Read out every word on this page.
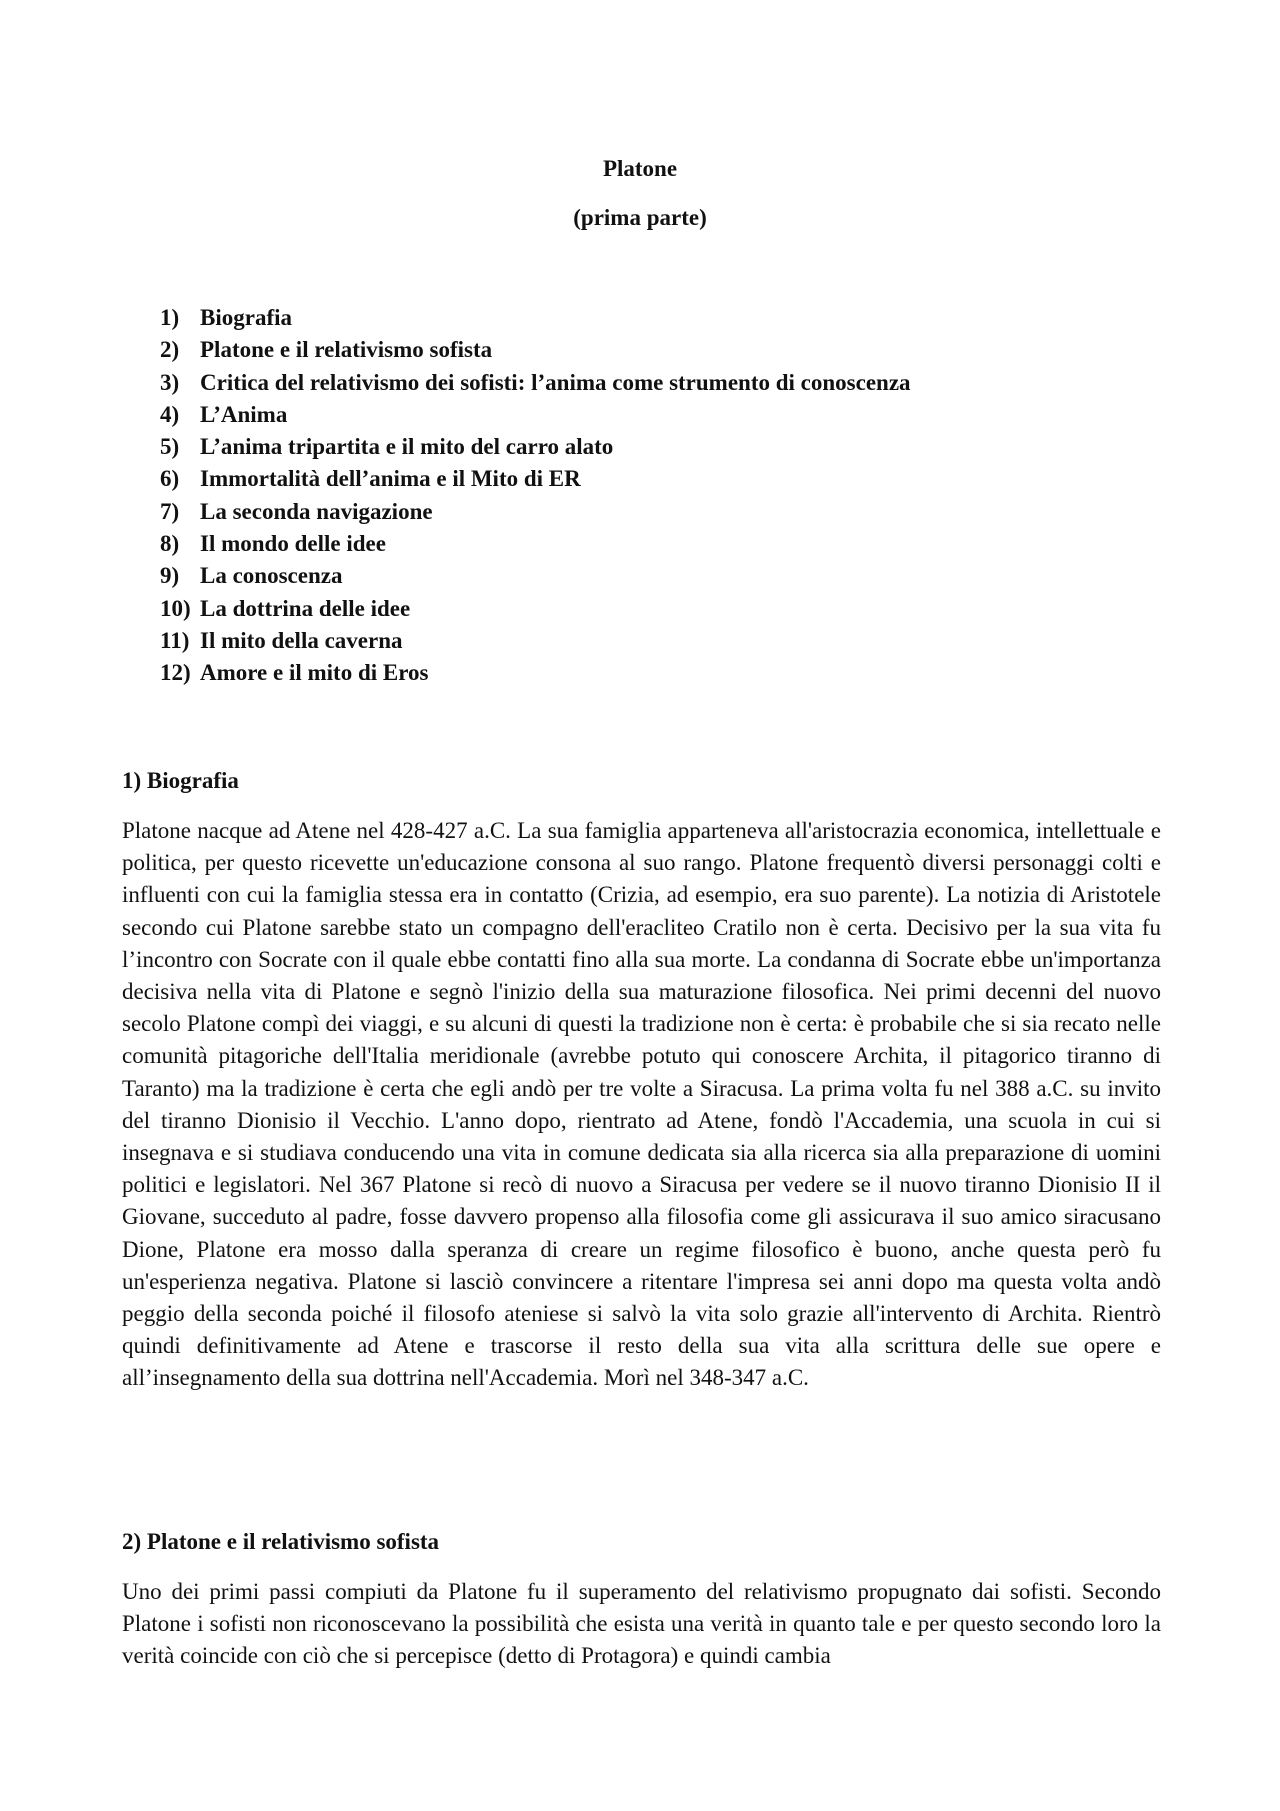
Platone
(prima parte)
1) Biografia
2) Platone e il relativismo sofista
3) Critica del relativismo dei sofisti: l’anima come strumento di conoscenza
4) L’Anima
5) L’anima tripartita e il mito del carro alato
6) Immortalità dell’anima e il Mito di ER
7) La seconda navigazione
8) Il mondo delle idee
9) La conoscenza
10) La dottrina delle idee
11) Il mito della caverna
12) Amore e il mito di Eros
1) Biografia

Platone nacque ad Atene nel 428-427 a.C. La sua famiglia apparteneva all'aristocrazia economica, intellettuale e politica, per questo ricevette un'educazione consona al suo rango. Platone frequentò diversi personaggi colti e influenti con cui la famiglia stessa era in contatto (Crizia, ad esempio, era suo parente). La notizia di Aristotele secondo cui Platone sarebbe stato un compagno dell'eracliteo Cratilo non è certa. Decisivo per la sua vita fu l’incontro con Socrate con il quale ebbe contatti fino alla sua morte. La condanna di Socrate ebbe un'importanza decisiva nella vita di Platone e segnò l'inizio della sua maturazione filosofica. Nei primi decenni del nuovo secolo Platone compì dei viaggi, e su alcuni di questi la tradizione non è certa: è probabile che si sia recato nelle comunità pitagoriche dell'Italia meridionale (avrebbe potuto qui conoscere Archita, il pitagorico tiranno di Taranto) ma la tradizione è certa che egli andò per tre volte a Siracusa. La prima volta fu nel 388 a.C. su invito del tiranno Dionisio il Vecchio. L'anno dopo, rientrato ad Atene, fondò l'Accademia, una scuola in cui si insegnava e si studiava conducendo una vita in comune dedicata sia alla ricerca sia alla preparazione di uomini politici e legislatori. Nel 367 Platone si recò di nuovo a Siracusa per vedere se il nuovo tiranno Dionisio II il Giovane, succeduto al padre, fosse davvero propenso alla filosofia come gli assicurava il suo amico siracusano Dione, Platone era mosso dalla speranza di creare un regime filosofico è buono, anche questa però fu un'esperienza negativa. Platone si lasciò convincere a ritentare l'impresa sei anni dopo ma questa volta andò peggio della seconda poiché il filosofo ateniese si salvò la vita solo grazie all'intervento di Archita. Rientrò quindi definitivamente ad Atene e trascorse il resto della sua vita alla scrittura delle sue opere e all’insegnamento della sua dottrina nell'Accademia. Morì nel 348-347 a.C.

2) Platone e il relativismo sofista

Uno dei primi passi compiuti da Platone fu il superamento del relativismo propugnato dai sofisti. Secondo Platone i sofisti non riconoscevano la possibilità che esista una verità in quanto tale e per questo secondo loro la verità coincide con ciò che si percepisce (detto di Protagora) e quindi cambia
